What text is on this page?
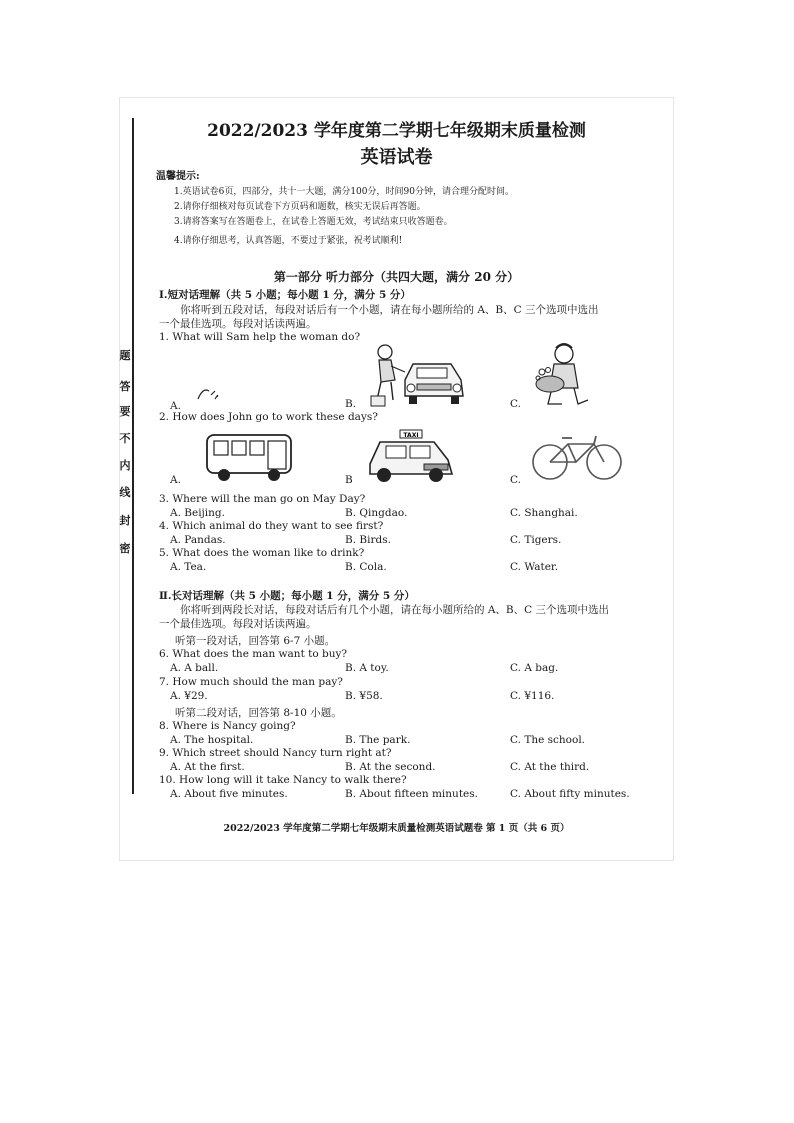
题
答
要
不
内
线
封
密
2022/2023 学年度第二学期七年级期末质量检测
英语试卷
温馨提示:
1.英语试卷6页，四部分，共十一大题，满分100分，时间90分钟，请合理分配时间。
2.请你仔细核对每页试卷下方页码和题数，核实无误后再答题。
3.请将答案写在答题卷上，在试卷上答题无效，考试结束只收答题卷。
4.请你仔细思考，认真答题，不要过于紧张，祝考试顺利!
第一部分 听力部分（共四大题，满分 20 分）
Ⅰ.短对话理解（共 5 小题；每小题 1 分，满分 5 分）
你将听到五段对话，每段对话后有一个小题，请在每小题所给的 A、B、C 三个选项中选出
一个最佳选项。每段对话读两遍。
1. What will Sam help the woman do?
A.	B.	C.
2. How does John go to work these days?
A.	B	C.
TAXI
3. Where will the man go on May Day?
A. Beijing.	B. Qingdao.	C. Shanghai.
4. Which animal do they want to see first?
A. Pandas.	B. Birds.	C. Tigers.
5. What does the woman like to drink?
A. Tea.	B. Cola.	C. Water.
Ⅱ.长对话理解（共 5 小题；每小题 1 分，满分 5 分）
你将听到两段长对话，每段对话后有几个小题，请在每小题所给的 A、B、C 三个选项中选出
一个最佳选项。每段对话读两遍。
听第一段对话，回答第 6-7 小题。
6. What does the man want to buy?
A. A ball.	B. A toy.	C. A bag.
7. How much should the man pay?
A. ¥29.	B. ¥58.	C. ¥116.
听第二段对话，回答第 8-10 小题。
8. Where is Nancy going?
A. The hospital.	B. The park.	C. The school.
9. Which street should Nancy turn right at?
A. At the first.	B. At the second.	C. At the third.
10. How long will it take Nancy to walk there?
A. About five minutes.	B. About fifteen minutes.	C. About fifty minutes.
2022/2023 学年度第二学期七年级期末质量检测英语试题卷 第 1 页（共 6 页）
